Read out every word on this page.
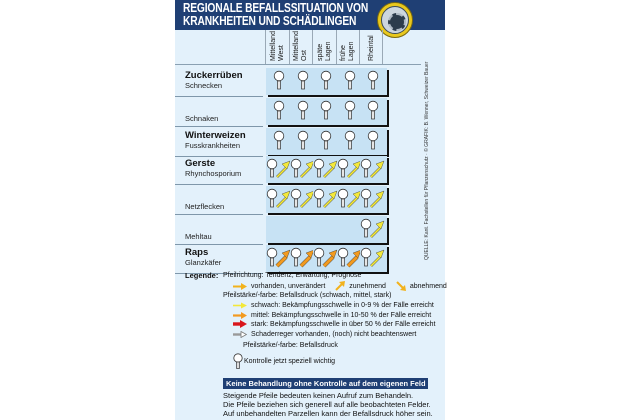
REGIONALE BEFALLSSITUATION VON
KRANKHEITEN UND SCHÄDLINGEN
Mittelland West Mittelland Ost späte Lagen frühe Lagen Rheintal
Zuckerrüben
Schnecken
Schnaken
Winterweizen
Fusskrankheiten
Gerste
Rhynchosporium
Netzflecken
Mehltau
Raps
Glanzkäfer
QUELLE: Kant. Fachstellen für Pflanzenschutz · © GRAFIK: B. Wenner, Schweizer Bauer
Legende: Pfeilrichtung: Tendenz, Erwartung, Prognose
vorhanden, unverändert	zunehmend	abnehmend
Pfeilstärke/-farbe: Befallsdruck (schwach, mittel, stark)
schwach: Bekämpfungsschwelle in 0-9 % der Fälle erreicht
mittel: Bekämpfungsschwelle in 10-50 % der Fälle erreicht
stark: Bekämpfungsschwelle in über 50 % der Fälle erreicht
Schaderreger vorhanden, (noch) nicht beachtenswert
Pfeilstärke/-farbe: Befallsdruck
Kontrolle jetzt speziell wichtig
Keine Behandlung ohne Kontrolle auf dem eigenen Feld
Steigende Pfeile bedeuten keinen Aufruf zum Behandeln.
Die Pfeile beziehen sich generell auf alle beobachteten Felder.
Auf unbehandelten Parzellen kann der Befallsdruck höher sein.
